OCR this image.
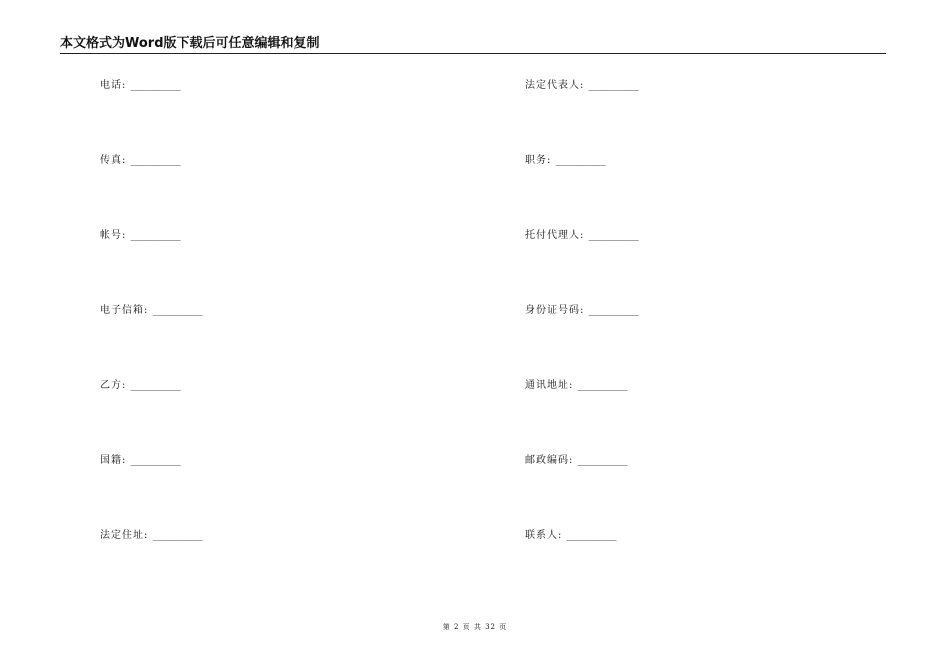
本文格式为Word版下载后可任意编辑和复制
电话: __________
传真: __________
帐号: __________
电子信箱: __________
乙方: __________
国籍: __________
法定住址: __________
法定代表人: __________
职务: __________
托付代理人: __________
身份证号码: __________
通讯地址: __________
邮政编码: __________
联系人: __________
第 2 页 共 32 页
